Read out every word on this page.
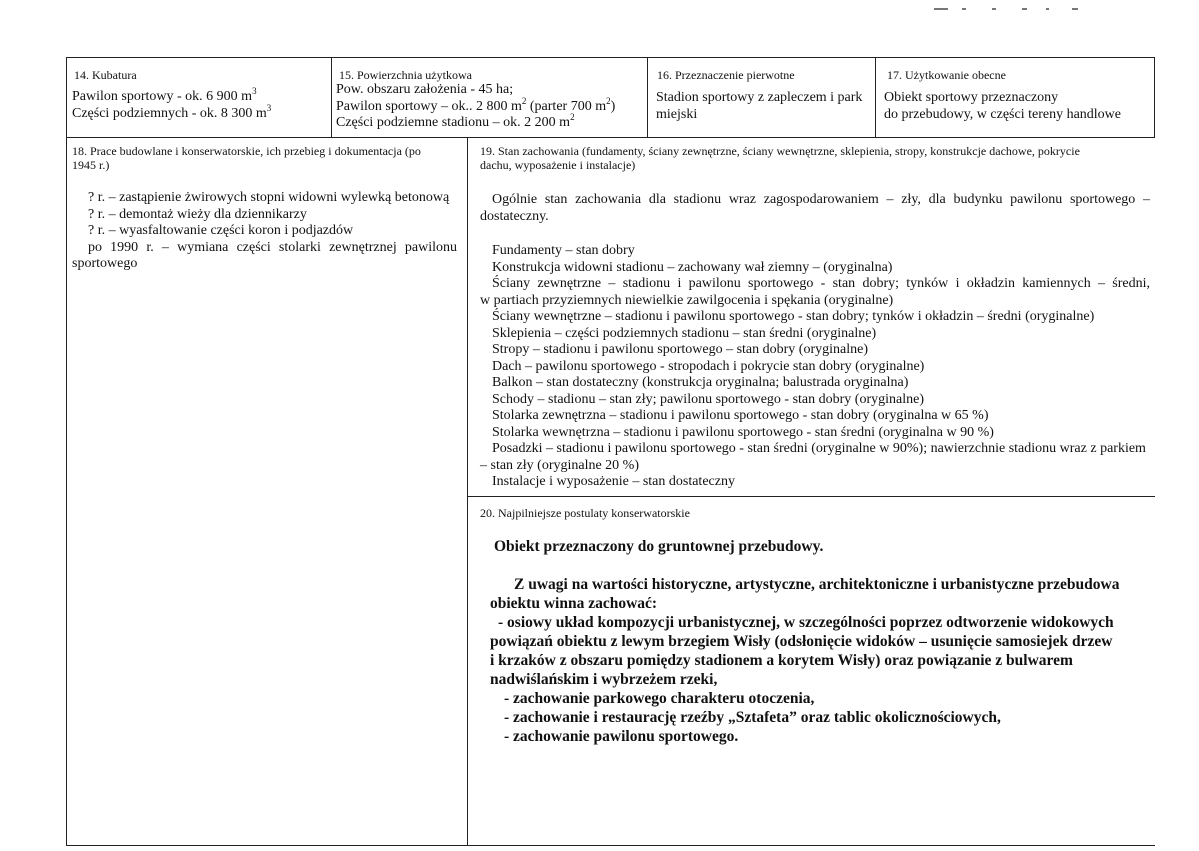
14. Kubatura
Pawilon sportowy - ok. 6 900 $m^3$
Części podziemnych - ok. 8 300 $m^3$
15. Powierzchnia użytkowa
Pow. obszaru założenia - 45 ha;
Pawilon sportowy – ok.. 2 800 $m^2$ (parter 700 $m^2$)
Części podziemne stadionu – ok. 2 200 $m^2$
16. Przeznaczenie pierwotne
Stadion sportowy z zapleczem i park
miejski
17. Użytkowanie obecne
Obiekt sportowy przeznaczony
do przebudowy, w części tereny handlowe
18. Prace budowlane i konserwatorskie, ich przebieg i dokumentacja (po
1945 r.)
? r. – zastąpienie żwirowych stopni widowni wylewką betonową
? r. – demontaż wieży dla dziennikarzy
? r. – wyasfaltowanie części koron i podjazdów
po 1990 r. – wymiana części stolarki zewnętrznej pawilonu
sportowego
19. Stan zachowania (fundamenty, ściany zewnętrzne, ściany wewnętrzne, sklepienia, stropy, konstrukcje dachowe, pokrycie
dachu, wyposażenie i instalacje)
Ogólnie stan zachowania dla stadionu wraz zagospodarowaniem – zły, dla budynku pawilonu sportowego –
dostateczny.
Fundamenty – stan dobry
Konstrukcja widowni stadionu – zachowany wał ziemny – (oryginalna)
Ściany zewnętrzne – stadionu i pawilonu sportowego - stan dobry; tynków i okładzin kamiennych – średni,
w partiach przyziemnych niewielkie zawilgocenia i spękania (oryginalne)
Ściany wewnętrzne – stadionu i pawilonu sportowego - stan dobry; tynków i okładzin – średni (oryginalne)
Sklepienia – części podziemnych stadionu – stan średni (oryginalne)
Stropy – stadionu i pawilonu sportowego – stan dobry (oryginalne)
Dach – pawilonu sportowego - stropodach i pokrycie stan dobry (oryginalne)
Balkon – stan dostateczny (konstrukcja oryginalna; balustrada oryginalna)
Schody – stadionu – stan zły; pawilonu sportowego - stan dobry (oryginalne)
Stolarka zewnętrzna – stadionu i pawilonu sportowego - stan dobry (oryginalna w 65 %)
Stolarka wewnętrzna – stadionu i pawilonu sportowego - stan średni (oryginalna w 90 %)
Posadzki – stadionu i pawilonu sportowego - stan średni (oryginalne w 90%); nawierzchnie stadionu wraz z parkiem
– stan zły (oryginalne 20 %)
Instalacje i wyposażenie – stan dostateczny
20. Najpilniejsze postulaty konserwatorskie
Obiekt przeznaczony do gruntownej przebudowy.
Z uwagi na wartości historyczne, artystyczne, architektoniczne i urbanistyczne przebudowa
obiektu winna zachować:
- osiowy układ kompozycji urbanistycznej, w szczególności poprzez odtworzenie widokowych
powiązań obiektu z lewym brzegiem Wisły (odsłonięcie widoków – usunięcie samosiejek drzew
i krzaków z obszaru pomiędzy stadionem a korytem Wisły) oraz powiązanie z bulwarem
nadwiślańskim i wybrzeżem rzeki,
- zachowanie parkowego charakteru otoczenia,
- zachowanie i restaurację rzeźby „Sztafeta” oraz tablic okolicznościowych,
- zachowanie pawilonu sportowego.
